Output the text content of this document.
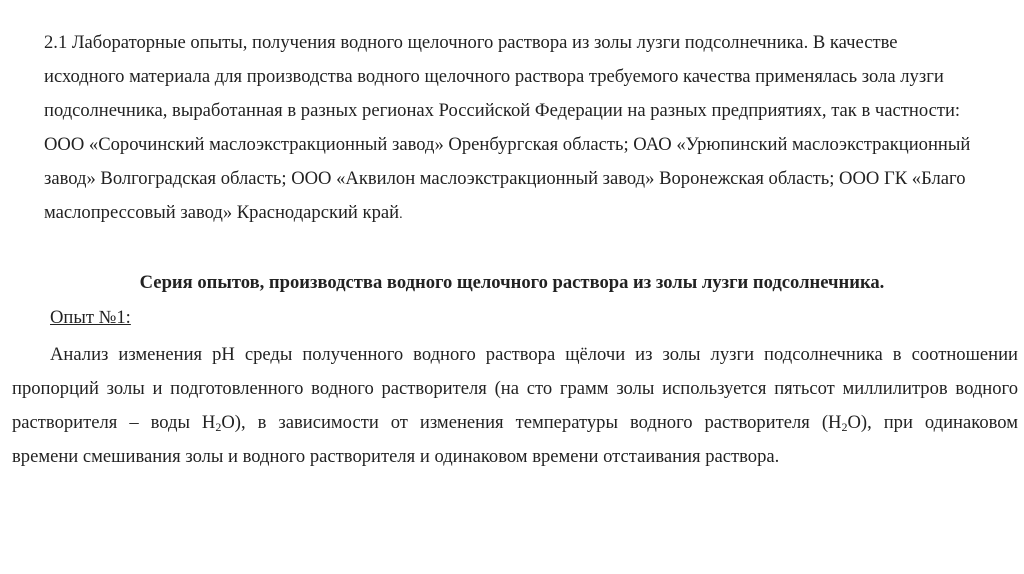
2.1 Лабораторные опыты, получения водного щелочного раствора из золы лузги подсолнечника. В качестве
исходного материала для производства водного щелочного раствора требуемого качества применялась зола лузги
подсолнечника, выработанная в разных регионах Российской Федерации на разных предприятиях, так в частности:
ООО «Сорочинский маслоэкстракционный завод» Оренбургская область; ОАО «Урюпинский маслоэкстракционный
завод» Волгоградская область; ООО «Аквилон маслоэкстракционный завод» Воронежская область; ООО ГК «Благо
маслопрессовый завод» Краснодарский край.

Серия опытов, производства водного щелочного раствора из золы лузги подсолнечника.

Опыт №1:

Анализ изменения pH среды полученного водного раствора щёлочи из золы лузги подсолнечника в соотношении
пропорций золы и подготовленного водного растворителя (на сто грамм золы используется пятьсот миллилитров водного
растворителя – воды $H_2O$), в зависимости от изменения температуры водного растворителя $(H_2O)$, при одинаковом
времени смешивания золы и водного растворителя и одинаковом времени отстаивания раствора.
